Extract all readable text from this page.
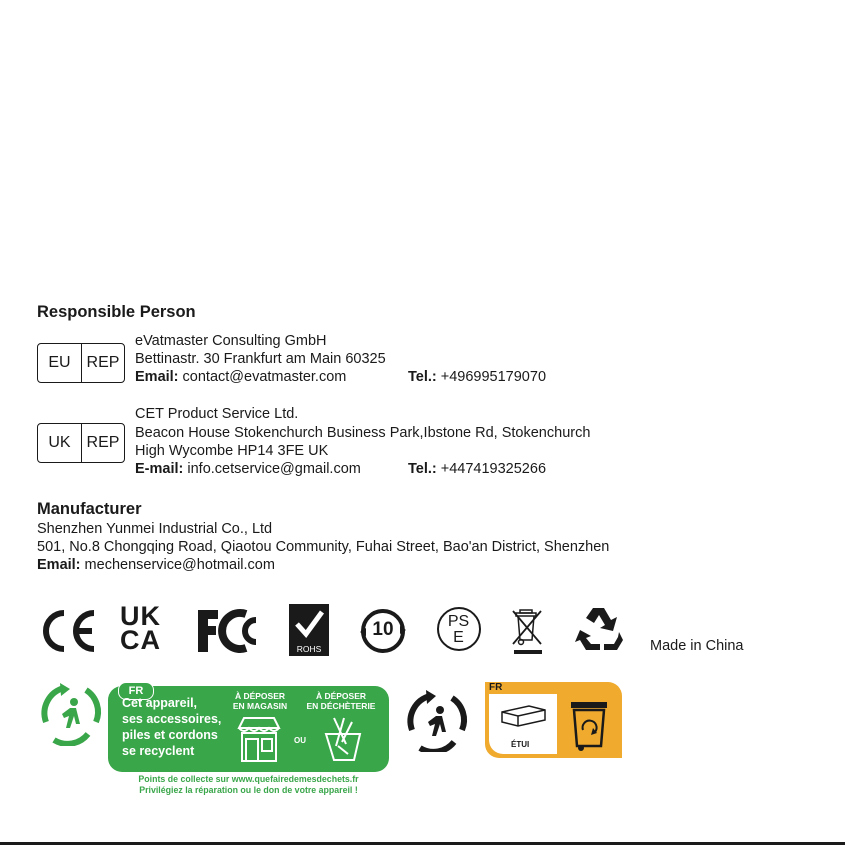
Responsible Person
EU REP
eVatmaster Consulting GmbH
Bettinastr. 30 Frankfurt am Main 60325
Email: contact@evatmaster.com	Tel.: +496995179070
UK REP
CET Product Service Ltd.
Beacon House Stokenchurch Business Park,Ibstone Rd, Stokenchurch
High Wycombe HP14 3FE UK
E-mail: info.cetservice@gmail.com	Tel.: +447419325266
Manufacturer
Shenzhen Yunmei Industrial Co., Ltd
501, No.8 Chongqing Road, Qiaotou Community, Fuhai Street, Bao'an District, Shenzhen
Email: mechenservice@hotmail.com
UK
CA	ROHS
10	PS
E	Made in China
FR
Cet appareil,
ses accessoires,
piles et cordons
se recyclent
À DÉPOSER
EN MAGASIN
À DÉPOSER
EN DÉCHÈTERIE
OU
Points de collecte sur www.quefairedemesdechets.fr
Privilégiez la réparation ou le don de votre appareil !
FR
ÉTUI
